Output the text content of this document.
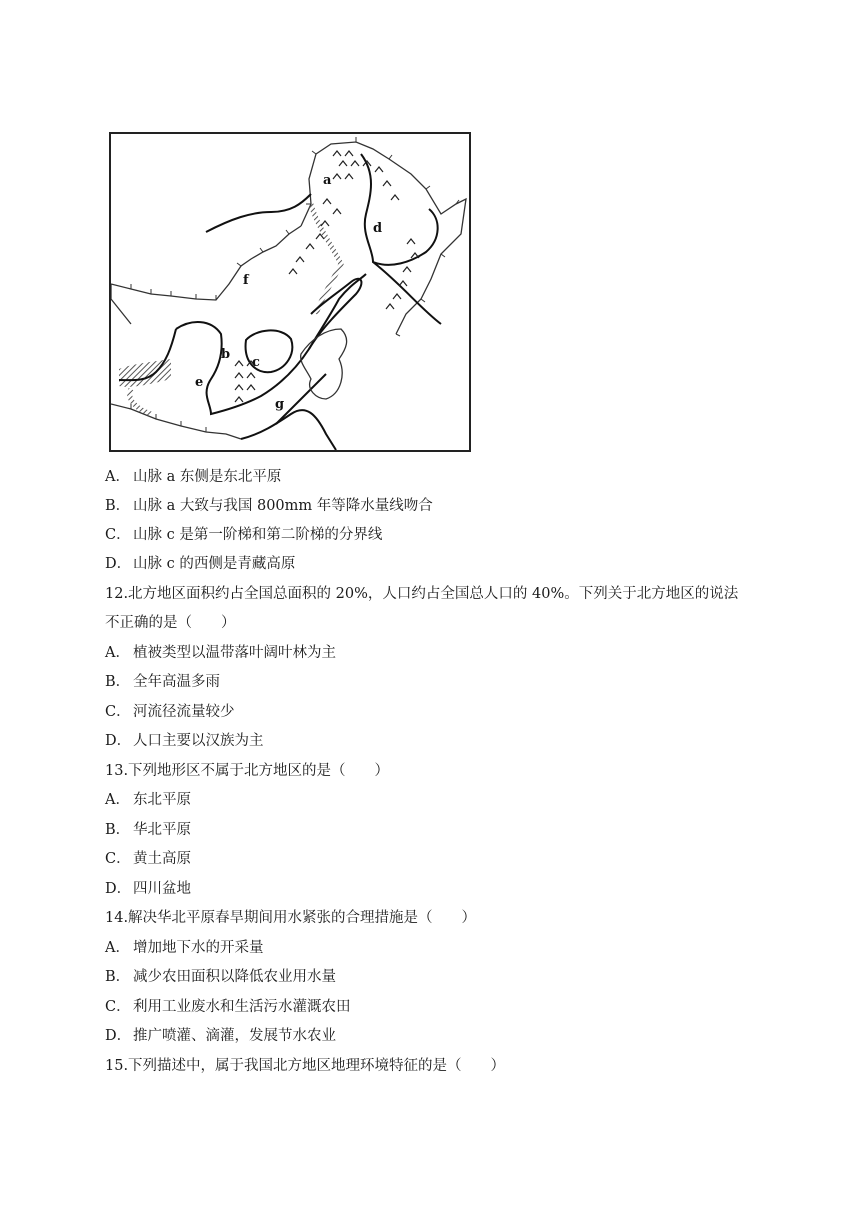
a
d
f
b
c
e
g
A． 山脉 a 东侧是东北平原
B． 山脉 a 大致与我国 800mm 年等降水量线吻合
C． 山脉 c 是第一阶梯和第二阶梯的分界线
D． 山脉 c 的西侧是青藏高原
12.北方地区面积约占全国总面积的 20%，人口约占全国总人口的 40%。下列关于北方地区的说法
不正确的是（　　）
A． 植被类型以温带落叶阔叶林为主
B． 全年高温多雨
C． 河流径流量较少
D． 人口主要以汉族为主
13.下列地形区不属于北方地区的是（　　）
A． 东北平原
B． 华北平原
C． 黄土高原
D． 四川盆地
14.解决华北平原春旱期间用水紧张的合理措施是（　　）
A． 增加地下水的开采量
B． 减少农田面积以降低农业用水量
C． 利用工业废水和生活污水灌溉农田
D． 推广喷灌、滴灌，发展节水农业
15.下列描述中，属于我国北方地区地理环境特征的是（　　）
